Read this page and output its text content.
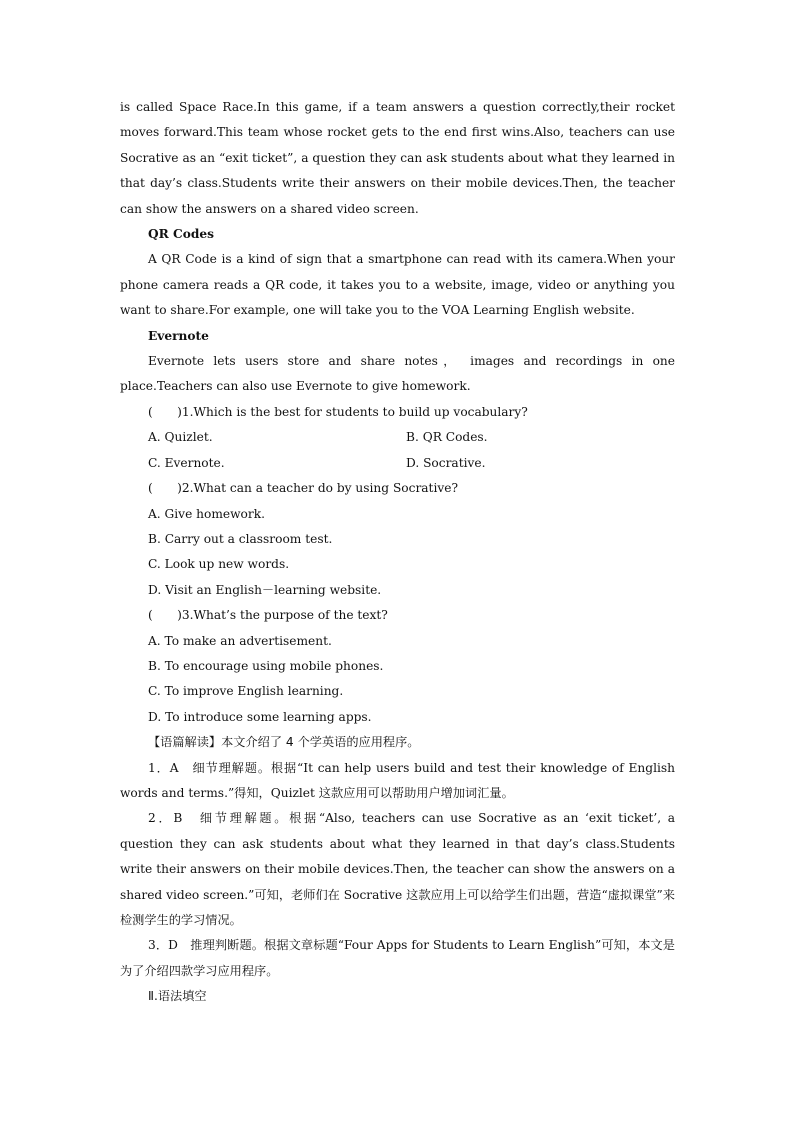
is called Space Race.In this game, if a team answers a question correctly,their rocket moves forward.This team whose rocket gets to the end first wins.Also, teachers can use Socrative as an “exit ticket”, a question they can ask students about what they learned in that day’s class.Students write their answers on their mobile devices.Then, the teacher can show the answers on a shared video screen.

QR Codes

A QR Code is a kind of sign that a smartphone can read with its camera.When your phone camera reads a QR code, it takes you to a website, image, video or anything you want to share.For example, one will take you to the VOA Learning English website.

Evernote

Evernote lets users store and share notes， images and recordings in one place.Teachers can also use Evernote to give homework.

(　　)1.Which is the best for students to build up vocabulary?

A. Quizlet.	B. QR Codes.
C. Evernote.	D. Socrative.

(　　)2.What can a teacher do by using Socrative?

A. Give homework.

B. Carry out a classroom test.

C. Look up new words.

D. Visit an English－learning website.

(　　)3.What’s the purpose of the text?

A. To make an advertisement.

B. To encourage using mobile phones.

C. To improve English learning.

D. To introduce some learning apps.

【语篇解读】本文介绍了 4 个学英语的应用程序。

1．A　细节理解题。根据“It can help users build and test their knowledge of English words and terms.”得知，Quizlet 这款应用可以帮助用户增加词汇量。

2．B　细节理解题。根据“Also, teachers can use Socrative as an ‘exit ticket’, a question they can ask students about what they learned in that day’s class.Students write their answers on their mobile devices.Then, the teacher can show the answers on a shared video screen.”可知，老师们在 Socrative 这款应用上可以给学生们出题，营造“虚拟课堂”来检测学生的学习情况。

3．D　推理判断题。根据文章标题“Four Apps for Students to Learn English”可知，本文是为了介绍四款学习应用程序。

Ⅱ.语法填空
